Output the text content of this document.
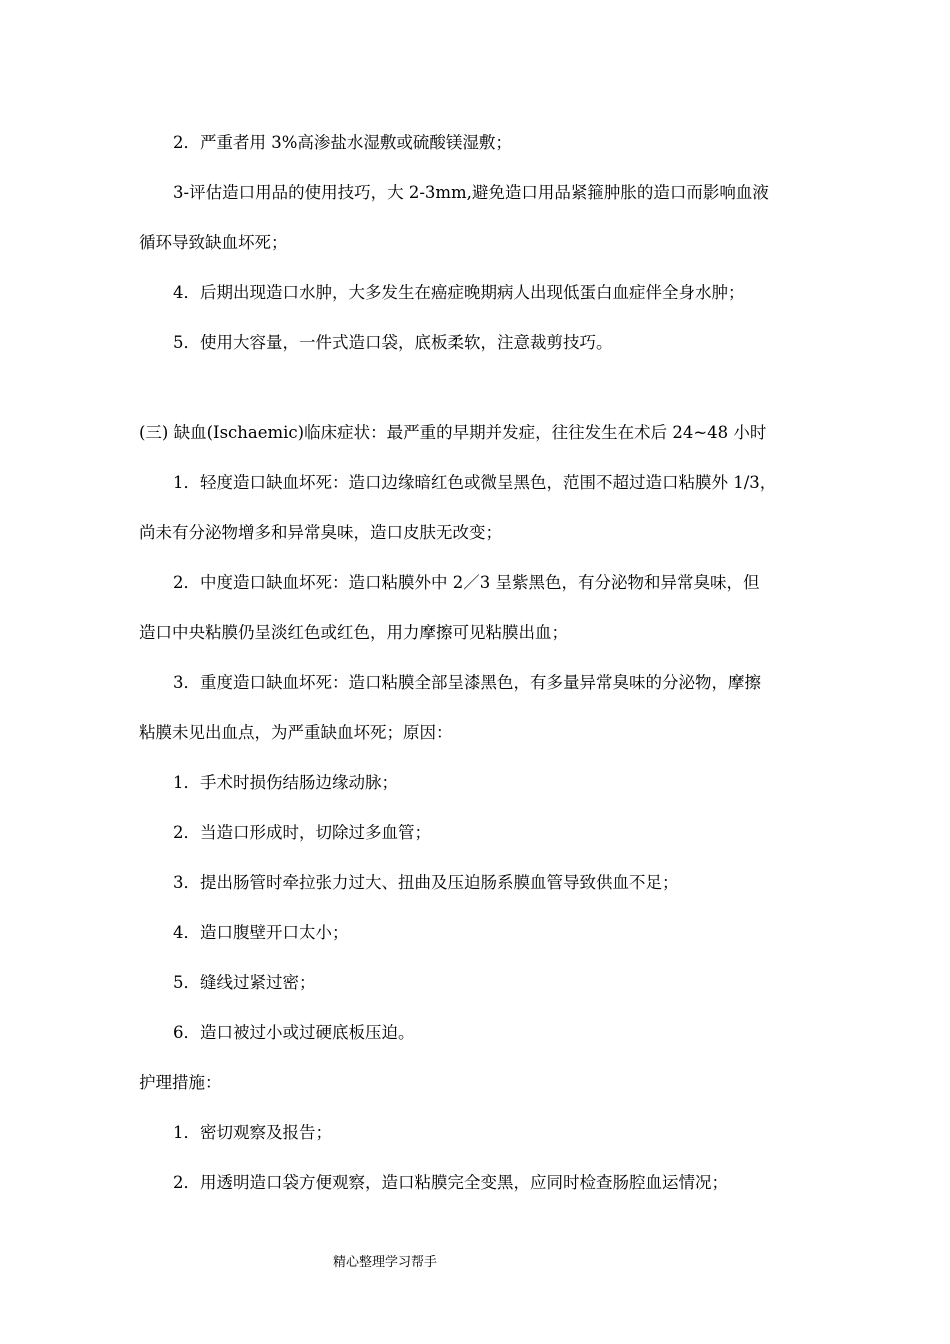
2．严重者用 3%高渗盐水湿敷或硫酸镁湿敷；
3-评估造口用品的使用技巧，大 2-3mm,避免造口用品紧箍肿胀的造口而影响血液
循环导致缺血坏死；
4．后期出现造口水肿，大多发生在癌症晚期病人出现低蛋白血症伴全身水肿；
5．使用大容量，一件式造口袋，底板柔软，注意裁剪技巧。
(三) 缺血(Ischaemic)临床症状：最严重的早期并发症，往往发生在术后 24~48 小时
1．轻度造口缺血坏死：造口边缘暗红色或微呈黑色，范围不超过造口粘膜外 1/3，
尚未有分泌物增多和异常臭味，造口皮肤无改变；
2．中度造口缺血坏死：造口粘膜外中 2／3 呈紫黑色，有分泌物和异常臭味，但
造口中央粘膜仍呈淡红色或红色，用力摩擦可见粘膜出血；
3．重度造口缺血坏死：造口粘膜全部呈漆黑色，有多量异常臭味的分泌物，摩擦
粘膜未见出血点，为严重缺血坏死；原因：
1．手术时损伤结肠边缘动脉；
2．当造口形成时，切除过多血管；
3．提出肠管时牵拉张力过大、扭曲及压迫肠系膜血管导致供血不足；
4．造口腹壁开口太小；
5．缝线过紧过密；
6．造口被过小或过硬底板压迫。
护理措施：
1．密切观察及报告；
2．用透明造口袋方便观察，造口粘膜完全变黑，应同时检查肠腔血运情况；
精心整理学习帮手
